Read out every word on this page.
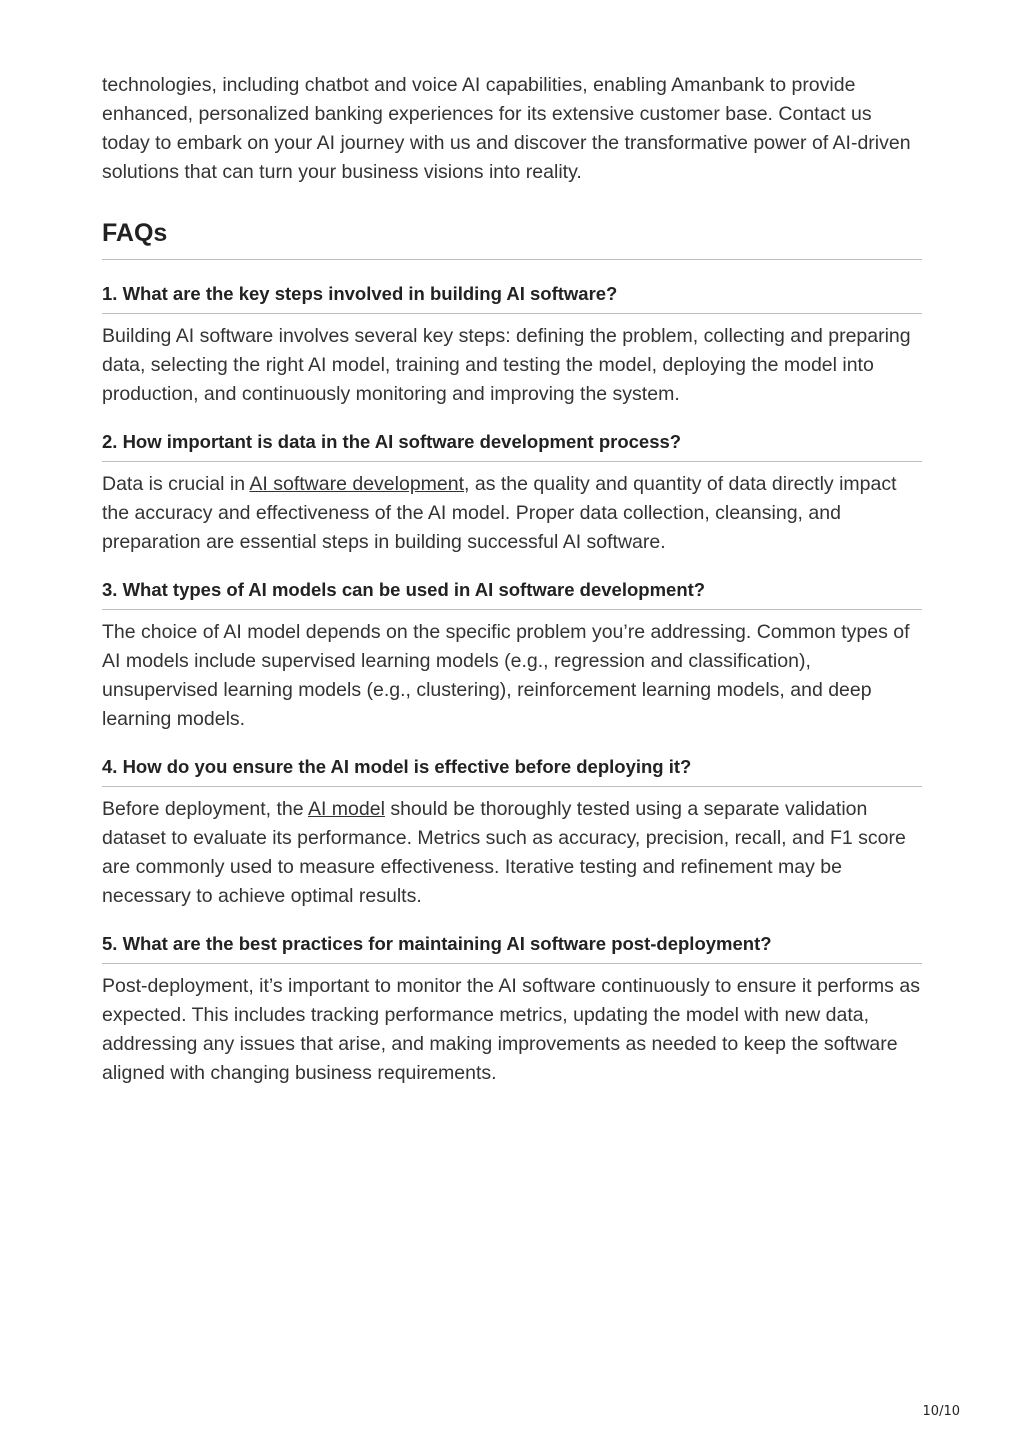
technologies, including chatbot and voice AI capabilities, enabling Amanbank to provide enhanced, personalized banking experiences for its extensive customer base. Contact us today to embark on your AI journey with us and discover the transformative power of AI-driven solutions that can turn your business visions into reality.

FAQs
1. What are the key steps involved in building AI software?

Building AI software involves several key steps: defining the problem, collecting and preparing data, selecting the right AI model, training and testing the model, deploying the model into production, and continuously monitoring and improving the system.

2. How important is data in the AI software development process?

Data is crucial in AI software development, as the quality and quantity of data directly impact the accuracy and effectiveness of the AI model. Proper data collection, cleansing, and preparation are essential steps in building successful AI software.

3. What types of AI models can be used in AI software development?

The choice of AI model depends on the specific problem you’re addressing. Common types of AI models include supervised learning models (e.g., regression and classification), unsupervised learning models (e.g., clustering), reinforcement learning models, and deep learning models.

4. How do you ensure the AI model is effective before deploying it?

Before deployment, the AI model should be thoroughly tested using a separate validation dataset to evaluate its performance. Metrics such as accuracy, precision, recall, and F1 score are commonly used to measure effectiveness. Iterative testing and refinement may be necessary to achieve optimal results.

5. What are the best practices for maintaining AI software post-deployment?

Post-deployment, it’s important to monitor the AI software continuously to ensure it performs as expected. This includes tracking performance metrics, updating the model with new data, addressing any issues that arise, and making improvements as needed to keep the software aligned with changing business requirements.

10/10
